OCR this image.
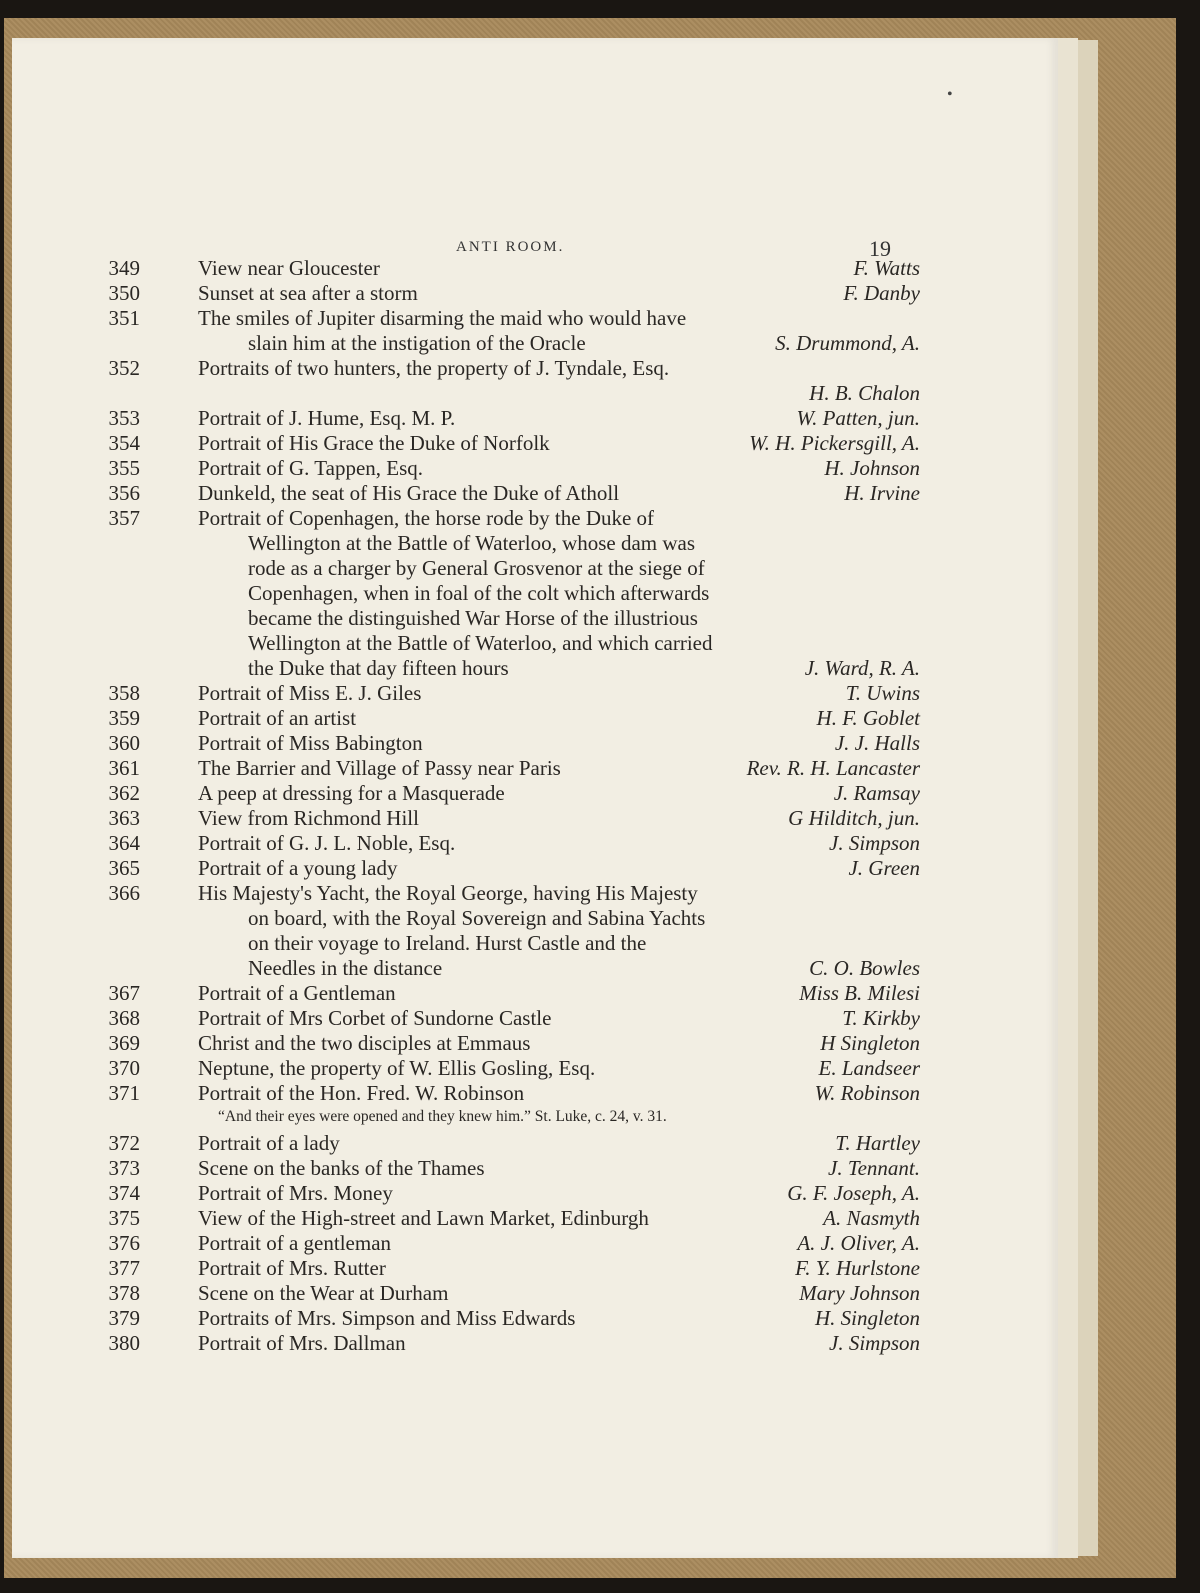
•
ANTI ROOM.	19
349	View near Gloucester	F. Watts
350	Sunset at sea after a storm	F. Danby
351	The smiles of Jupiter disarming the maid who would have
slain him at the instigation of the Oracle	S. Drummond, A.
352	Portraits of two hunters, the property of J. Tyndale, Esq.
H. B. Chalon
353	Portrait of J. Hume, Esq. M. P.	W. Patten, jun.
354	Portrait of His Grace the Duke of Norfolk	W. H. Pickersgill, A.
355	Portrait of G. Tappen, Esq.	H. Johnson
356	Dunkeld, the seat of His Grace the Duke of Atholl	H. Irvine
357	Portrait of Copenhagen, the horse rode by the Duke of
Wellington at the Battle of Waterloo, whose dam was
rode as a charger by General Grosvenor at the siege of
Copenhagen, when in foal of the colt which afterwards
became the distinguished War Horse of the illustrious
Wellington at the Battle of Waterloo, and which carried
the Duke that day fifteen hours	J. Ward, R. A.
358	Portrait of Miss E. J. Giles	T. Uwins
359	Portrait of an artist	H. F. Goblet
360	Portrait of Miss Babington	J. J. Halls
361	The Barrier and Village of Passy near Paris	Rev. R. H. Lancaster
362	A peep at dressing for a Masquerade	J. Ramsay
363	View from Richmond Hill	G Hilditch, jun.
364	Portrait of G. J. L. Noble, Esq.	J. Simpson
365	Portrait of a young lady	J. Green
366	His Majesty's Yacht, the Royal George, having His Majesty
on board, with the Royal Sovereign and Sabina Yachts
on their voyage to Ireland. Hurst Castle and the
Needles in the distance	C. O. Bowles
367	Portrait of a Gentleman	Miss B. Milesi
368	Portrait of Mrs Corbet of Sundorne Castle	T. Kirkby
369	Christ and the two disciples at Emmaus	H Singleton
“And their eyes were opened and they knew him.” St. Luke, c. 24, v. 31.
370	Neptune, the property of W. Ellis Gosling, Esq.	E. Landseer
371	Portrait of the Hon. Fred. W. Robinson	W. Robinson
372	Portrait of a lady	T. Hartley
373	Scene on the banks of the Thames	J. Tennant.
374	Portrait of Mrs. Money	G. F. Joseph, A.
375	View of the High-street and Lawn Market, Edinburgh	A. Nasmyth
376	Portrait of a gentleman	A. J. Oliver, A.
377	Portrait of Mrs. Rutter	F. Y. Hurlstone
378	Scene on the Wear at Durham	Mary Johnson
379	Portraits of Mrs. Simpson and Miss Edwards	H. Singleton
380	Portrait of Mrs. Dallman	J. Simpson
